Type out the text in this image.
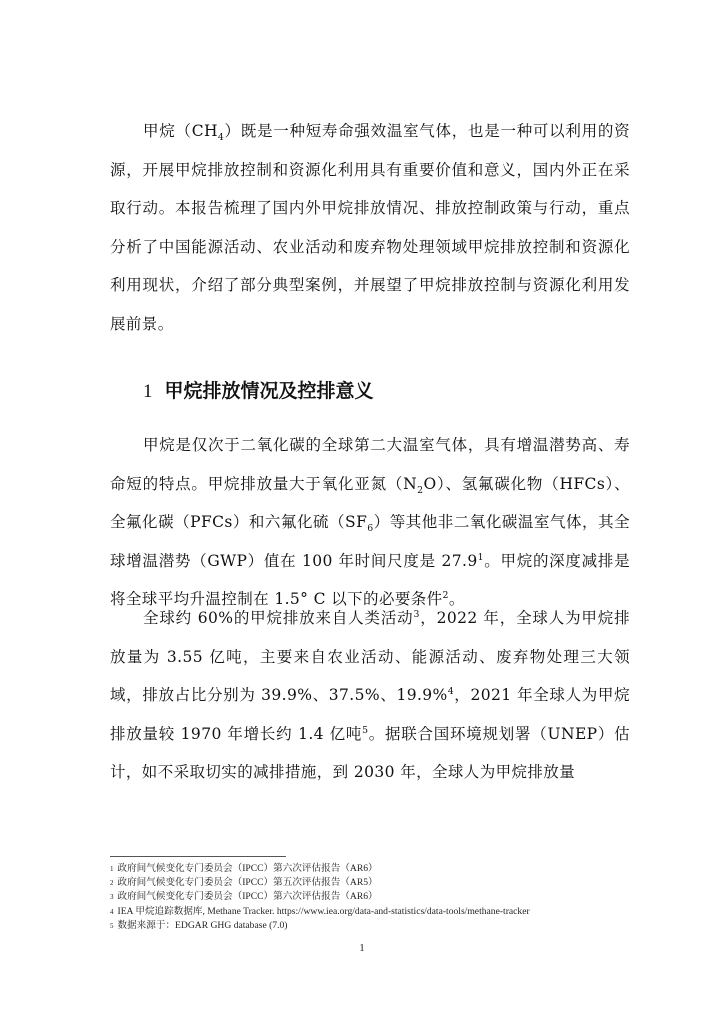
甲烷$(CH_4)$既是一种短寿命强效温室气体，也是一种可以利用的资源，开展甲烷排放控制和资源化利用具有重要价值和意义，国内外正在采取行动。本报告梳理了国内外甲烷排放情况、排放控制政策与行动，重点分析了中国能源活动、农业活动和废弃物处理领域甲烷排放控制和资源化利用现状，介绍了部分典型案例，并展望了甲烷排放控制与资源化利用发展前景。

1 甲烷排放情况及控排意义

甲烷是仅次于二氧化碳的全球第二大温室气体，具有增温潜势高、寿命短的特点。甲烷排放量大于氧化亚氮$(N_2O)$、氢氟碳化物（HFCs）、全氟化碳（PFCs）和六氟化硫$(SF_6)$等其他非二氧化碳温室气体，其全球增温潜势（GWP）值在 100 年时间尺度是 27.9$^1$。甲烷的深度减排是将全球平均升温控制在 1.5° C 以下的必要条件$^2$。

全球约 60%的甲烷排放来自人类活动$^3$，2022 年，全球人为甲烷排放量为 3.55 亿吨，主要来自农业活动、能源活动、废弃物处理三大领域，排放占比分别为 39.9%、37.5%、19.9%$^4$，2021 年全球人为甲烷排放量较 1970 年增长约 1.4 亿吨$^5$。据联合国环境规划署（UNEP）估计，如不采取切实的减排措施，到 2030 年，全球人为甲烷排放量

$^1$ 政府间气候变化专门委员会（IPCC）第六次评估报告（AR6）
$^2$ 政府间气候变化专门委员会（IPCC）第五次评估报告（AR5）
$^3$ 政府间气候变化专门委员会（IPCC）第六次评估报告（AR6）
$^4$ IEA 甲烷追踪数据库, Methane Tracker. https://www.iea.org/data-and-statistics/data-tools/methane-tracker
$^5$ 数据来源于：EDGAR GHG database (7.0)
1
